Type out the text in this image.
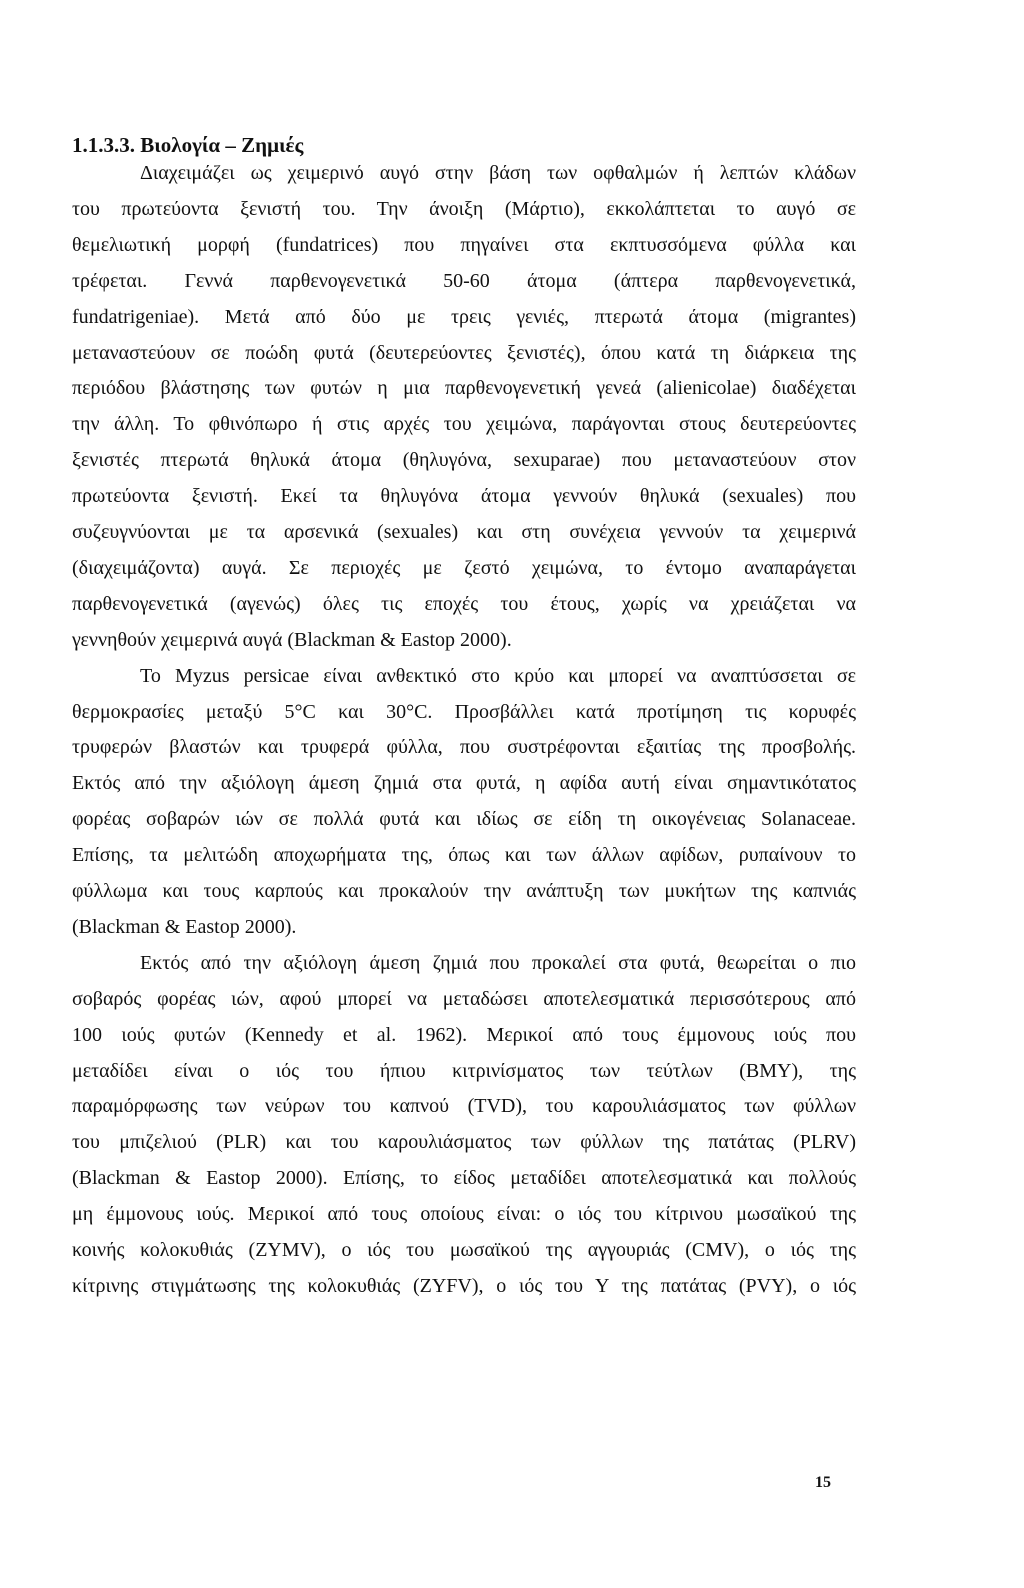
1.1.3.3. Βιολογία – Ζημιές
Διαχειμάζει ως χειμερινό αυγό στην βάση των οφθαλμών ή λεπτών κλάδων
του πρωτεύοντα ξενιστή του. Την άνοιξη (Μάρτιο), εκκολάπτεται το αυγό σε
θεμελιωτική μορφή (fundatrices) που πηγαίνει στα εκπτυσσόμενα φύλλα και
τρέφεται. Γεννά παρθενογενετικά 50-60 άτομα (άπτερα παρθενογενετικά,
fundatrigeniae). Μετά από δύο με τρεις γενιές, πτερωτά άτομα (migrantes)
μεταναστεύουν σε ποώδη φυτά (δευτερεύοντες ξενιστές), όπου κατά τη διάρκεια της
περιόδου βλάστησης των φυτών η μια παρθενογενετική γενεά (alienicolae) διαδέχεται
την άλλη. Το φθινόπωρο ή στις αρχές του χειμώνα, παράγονται στους δευτερεύοντες
ξενιστές πτερωτά θηλυκά άτομα (θηλυγόνα, sexuparae) που μεταναστεύουν στον
πρωτεύοντα ξενιστή. Εκεί τα θηλυγόνα άτομα γεννούν θηλυκά (sexuales) που
συζευγνύονται με τα αρσενικά (sexuales) και στη συνέχεια γεννούν τα χειμερινά
(διαχειμάζοντα) αυγά. Σε περιοχές με ζεστό χειμώνα, το έντομο αναπαράγεται
παρθενογενετικά (αγενώς) όλες τις εποχές του έτους, χωρίς να χρειάζεται να
γεννηθούν χειμερινά αυγά (Blackman & Eastop 2000).
Το Myzus persicae είναι ανθεκτικό στο κρύο και μπορεί να αναπτύσσεται σε
θερμοκρασίες μεταξύ 5°C και 30°C. Προσβάλλει κατά προτίμηση τις κορυφές
τρυφερών βλαστών και τρυφερά φύλλα, που συστρέφονται εξαιτίας της προσβολής.
Εκτός από την αξιόλογη άμεση ζημιά στα φυτά, η αφίδα αυτή είναι σημαντικότατος
φορέας σοβαρών ιών σε πολλά φυτά και ιδίως σε είδη τη οικογένειας Solanaceae.
Επίσης, τα μελιτώδη αποχωρήματα της, όπως και των άλλων αφίδων, ρυπαίνουν το
φύλλωμα και τους καρπούς και προκαλούν την ανάπτυξη των μυκήτων της καπνιάς
(Blackman & Eastop 2000).
Εκτός από την αξιόλογη άμεση ζημιά που προκαλεί στα φυτά, θεωρείται ο πιο
σοβαρός φορέας ιών, αφού μπορεί να μεταδώσει αποτελεσματικά περισσότερους από
100 ιούς φυτών (Kennedy et al. 1962). Μερικοί από τους έμμονους ιούς που
μεταδίδει είναι ο ιός του ήπιου κιτρινίσματος των τεύτλων (BMY), της
παραμόρφωσης των νεύρων του καπνού (TVD), του καρουλιάσματος των φύλλων
του μπιζελιού (PLR) και του καρουλιάσματος των φύλλων της πατάτας (PLRV)
(Blackman & Eastop 2000). Επίσης, το είδος μεταδίδει αποτελεσματικά και πολλούς
μη έμμονους ιούς. Μερικοί από τους οποίους είναι: ο ιός του κίτρινου μωσαϊκού της
κοινής κολοκυθιάς (ZYMV), ο ιός του μωσαϊκού της αγγουριάς (CMV), ο ιός της
κίτρινης στιγμάτωσης της κολοκυθιάς (ZYFV), ο ιός του Υ της πατάτας (PVY), ο ιός
15
